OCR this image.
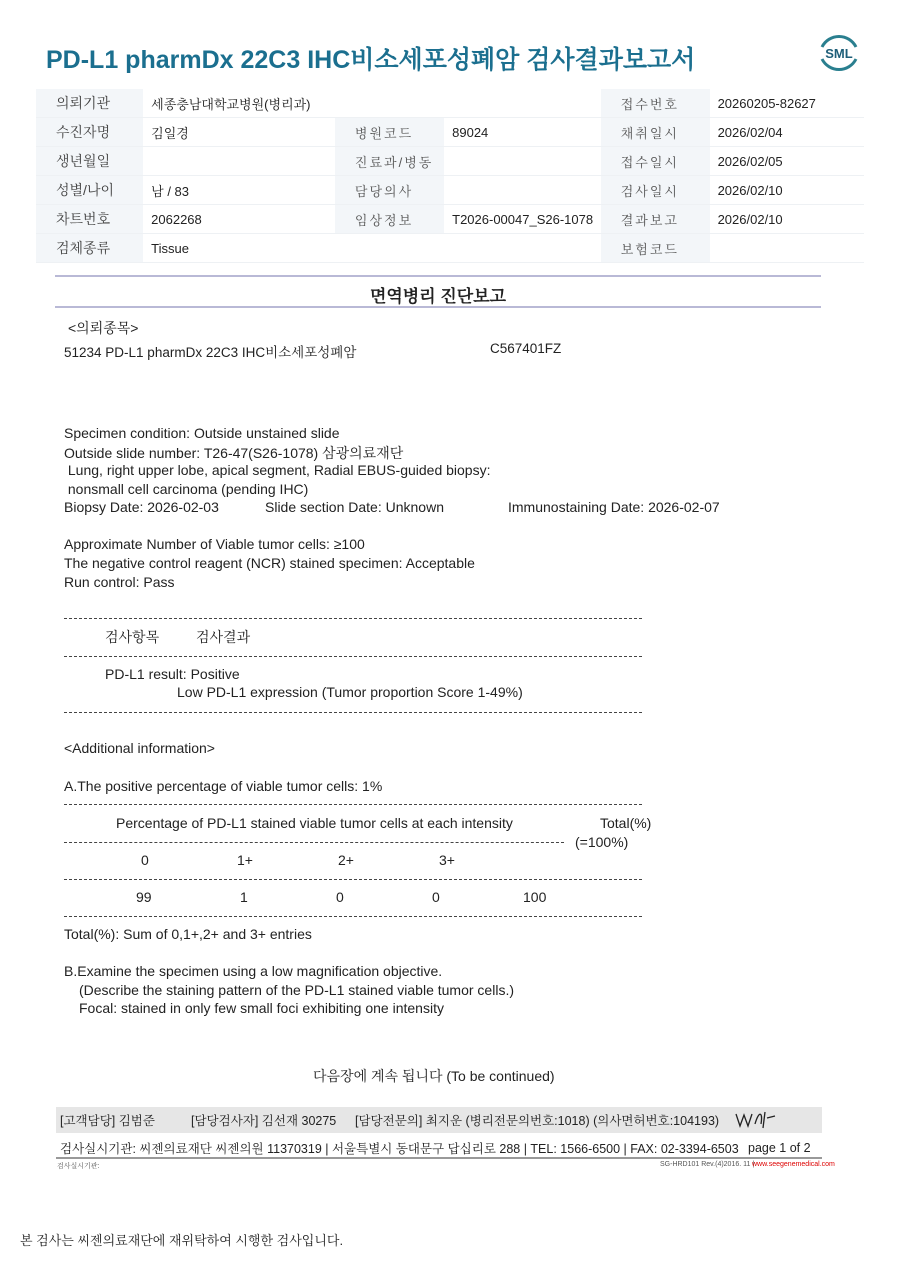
PD-L1 pharmDx 22C3 IHC비소세포성폐암 검사결과보고서	SML
의뢰기관	세종충남대학교병원(병리과)			접수번호	20260205-82627
수진자명	김일경	병원코드	89024	채취일시	2026/02/04
생년월일		진료과/병동		접수일시	2026/02/05
성별/나이	남 / 83	담당의사		검사일시	2026/02/10
차트번호	2062268	임상정보	T2026-00047_S26-1078	결과보고	2026/02/10
검체종류	Tissue			보험코드	
면역병리 진단보고
<의뢰종목>
51234 PD-L1 pharmDx 22C3 IHC비소세포성폐암	C567401FZ
Specimen condition: Outside unstained slide
Outside slide number: T26-47(S26-1078) 삼광의료재단
Lung, right upper lobe, apical segment, Radial EBUS-guided biopsy:
nonsmall cell carcinoma (pending IHC)
Biopsy Date: 2026-02-03	Slide section Date: Unknown	Immunostaining Date: 2026-02-07
Approximate Number of Viable tumor cells: ≥100
The negative control reagent (NCR) stained specimen: Acceptable
Run control: Pass
검사항목	검사결과
PD-L1 result: Positive
Low PD-L1 expression (Tumor proportion Score 1-49%)
<Additional information>
A.The positive percentage of viable tumor cells: 1%
Percentage of PD-L1 stained viable tumor cells at each intensity	Total(%)
(=100%)
0	1+	2+	3+
99	1	0	0	100
Total(%): Sum of 0,1+,2+ and 3+ entries
B.Examine the specimen using a low magnification objective.
(Describe the staining pattern of the PD-L1 stained viable tumor cells.)
Focal: stained in only few small foci exhibiting one intensity
다음장에 계속 됩니다 (To be continued)
[고객담당] 김범준	[담당검사자] 김선재 30275 [담당전문의] 최지운 (병리전문의번호:1018) (의사면허번호:104193)
검사실시기관: 씨젠의료재단 씨젠의원 11370319 | 서울특별시 동대문구 답십리로 288 | TEL: 1566-6500 | FAX: 02-3394-6503 page 1 of 2
검사실시기관:	SG-HRD101 Rev.(4)2016. 11 |
www.seegenemedical.com
본 검사는 씨젠의료재단에 재위탁하여 시행한 검사입니다.
